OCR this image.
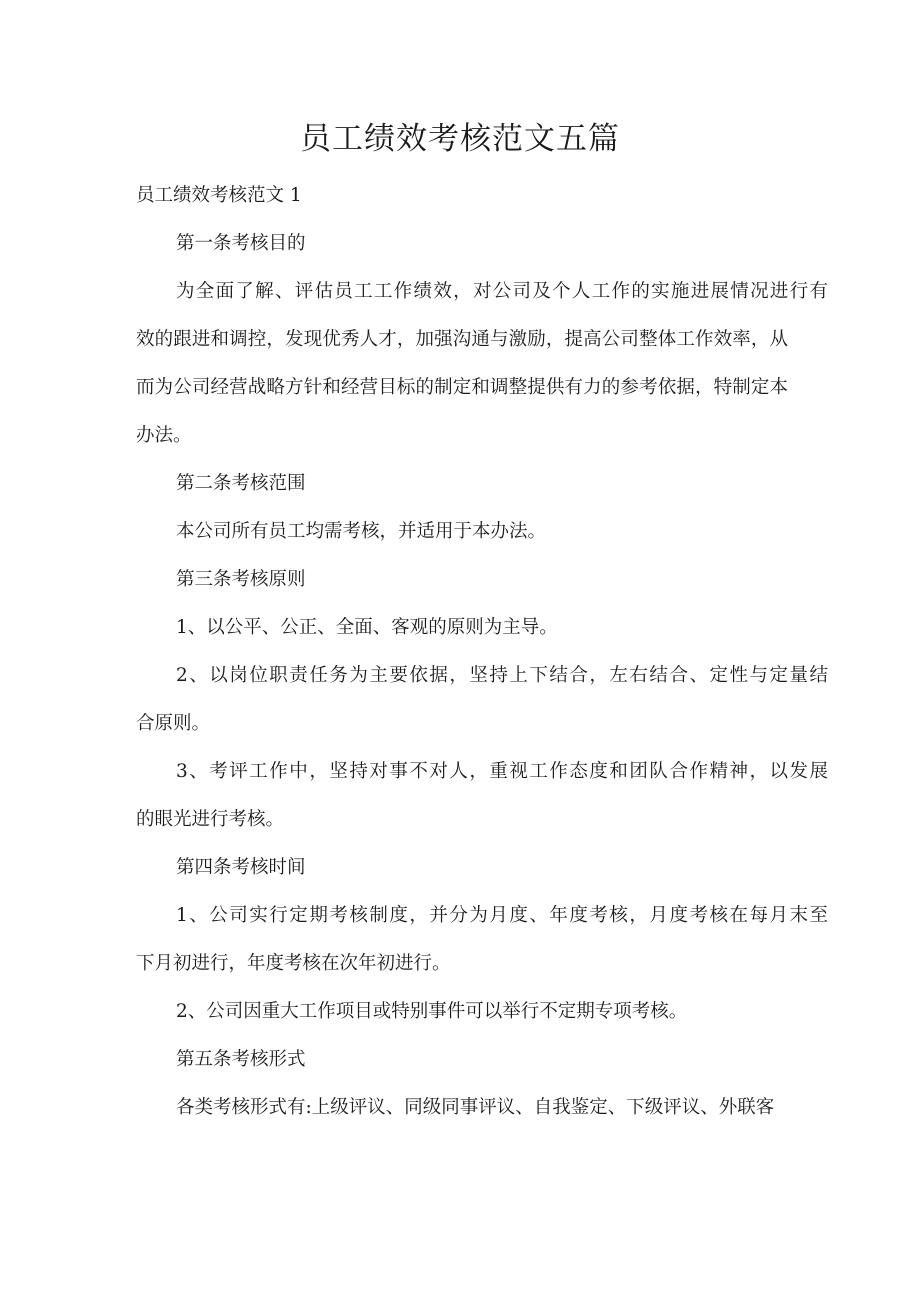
员工绩效考核范文五篇
员工绩效考核范文 1
第一条考核目的
为全面了解、评估员工工作绩效，对公司及个人工作的实施进展情况进行有
效的跟进和调控，发现优秀人才，加强沟通与激励，提高公司整体工作效率，从
而为公司经营战略方针和经营目标的制定和调整提供有力的参考依据，特制定本
办法。
第二条考核范围
本公司所有员工均需考核，并适用于本办法。
第三条考核原则
1、以公平、公正、全面、客观的原则为主导。
2、以岗位职责任务为主要依据，坚持上下结合，左右结合、定性与定量结
合原则。
3、考评工作中，坚持对事不对人，重视工作态度和团队合作精神，以发展
的眼光进行考核。
第四条考核时间
1、公司实行定期考核制度，并分为月度、年度考核，月度考核在每月末至
下月初进行，年度考核在次年初进行。
2、公司因重大工作项目或特别事件可以举行不定期专项考核。
第五条考核形式
各类考核形式有:上级评议、同级同事评议、自我鉴定、下级评议、外联客
